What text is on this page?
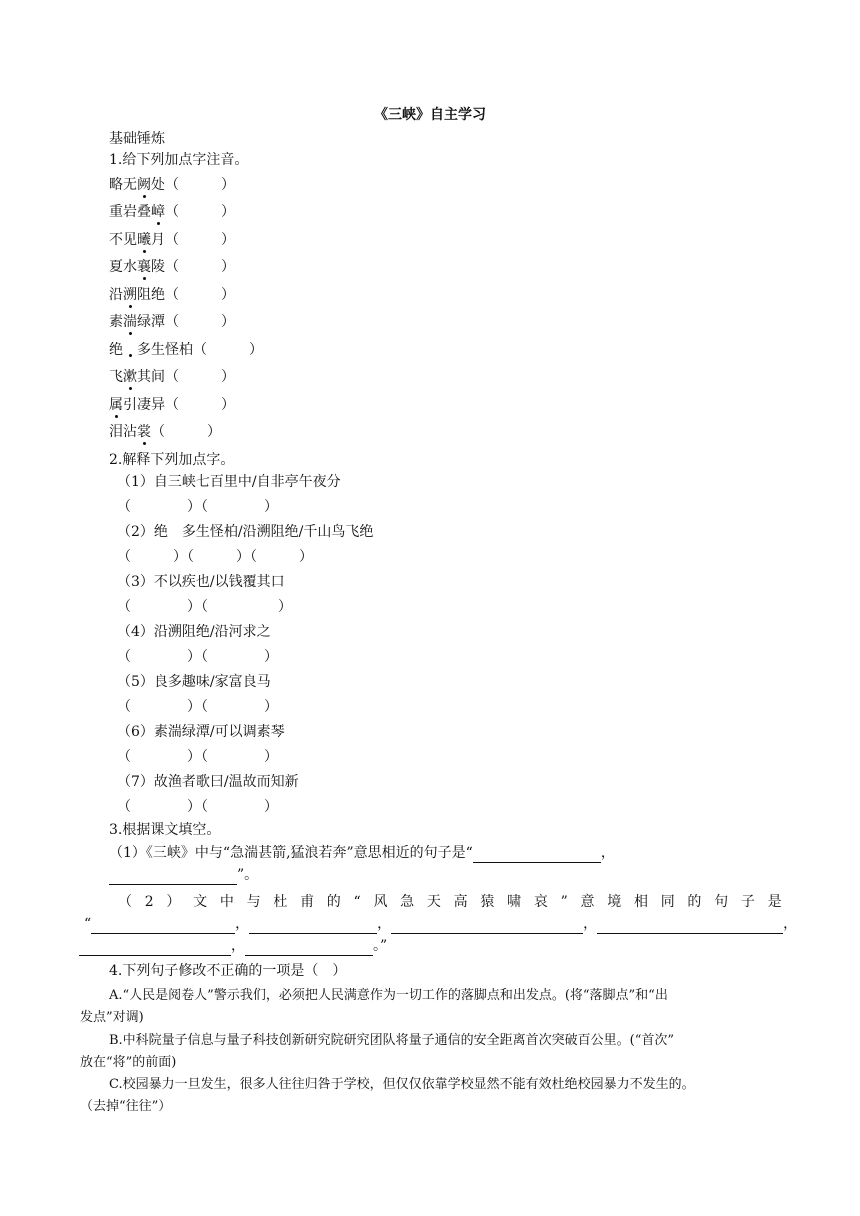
《三峡》自主学习

基础锤炼

1.给下列加点字注音。

略无阙处（　　　）

重岩叠嶂（　　　）

不见曦月（　　　）

夏水襄陵（　　　）

沿溯阻绝（　　　）

素湍绿潭（　　　）

绝 多生怪柏（　　　）

飞漱其间（　　　）

属引凄异（　　　）

泪沾裳（　　　）

2.解释下列加点字。

（1）自三峡七百里中/自非亭午夜分

（　　　　）（　　　　）

（2）绝　多生怪柏/沿溯阻绝/千山鸟飞绝

（　　　）（　　　）（　　　）

（3）不以疾也/以钱覆其口

（　　　　）（　　　　　）

（4）沿溯阻绝/沿河求之

（　　　　）（　　　　）

（5）良多趣味/家富良马

（　　　　）（　　　　）

（6）素湍绿潭/可以调素琴

（　　　　）（　　　　）

（7）故渔者歌曰/温故而知新

（　　　　）（　　　　）

3.根据课文填空。

（1）《三峡》中与“急湍甚箭,猛浪若奔”意思相近的句子是“	，

”。

（ 2 ） 文 中 与 杜 甫 的 “ 风 急 天 高 猿 啸 哀 ” 意 境 相 同 的 句 子 是

“	，	，	，	，

，	。”

4.下列句子修改不正确的一项是（　）

A.“人民是阅卷人”警示我们，必须把人民满意作为一切工作的落脚点和出发点。(将“落脚点”和“出

发点”对调)

B.中科院量子信息与量子科技创新研究院研究团队将量子通信的安全距离首次突破百公里。(“首次”

放在“将”的前面)

C.校园暴力一旦发生，很多人往往归咎于学校，但仅仅依靠学校显然不能有效杜绝校园暴力不发生的。

（去掉“往往”）
